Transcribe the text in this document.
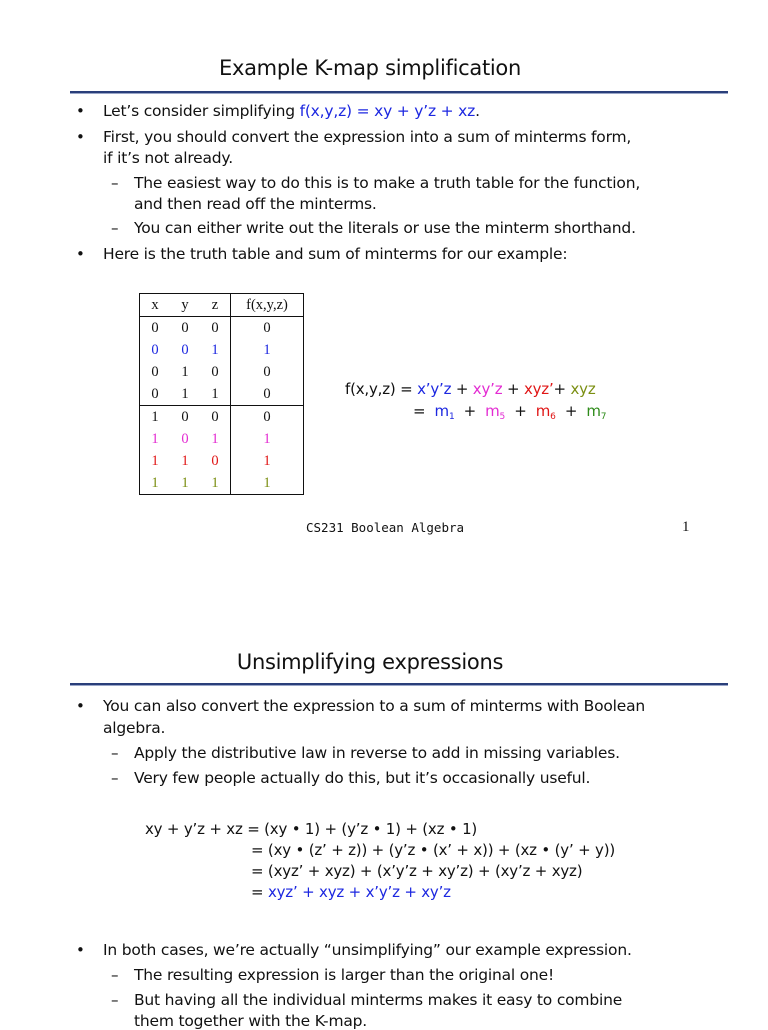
Example K-map simplification
• Let’s consider simplifying f(x,y,z) = xy + y’z + xz.
• First, you should convert the expression into a sum of minterms form,
if it’s not already.
– The easiest way to do this is to make a truth table for the function,
and then read off the minterms.
– You can either write out the literals or use the minterm shorthand.
• Here is the truth table and sum of minterms for our example:
x	y	z	f(x,y,z)
0	0	0	0
0	0	1	1
0	1	0	0
0	1	1	0
1	0	0	0
1	0	1	1
1	1	0	1
1	1	1	1
f(x,y,z) = x’y’z + xy’z + xyz’+ xyz
= $m_1 + m_5 + m_6 + m_7$
CS231 Boolean Algebra	1
Unsimplifying expressions
• You can also convert the expression to a sum of minterms with Boolean
algebra.
– Apply the distributive law in reverse to add in missing variables.
– Very few people actually do this, but it’s occasionally useful.
xy + y’z + xz = (xy • 1) + (y’z • 1) + (xz • 1)
= (xy • (z’ + z)) + (y’z • (x’ + x)) + (xz • (y’ + y))
= (xyz’ + xyz) + (x’y’z + xy’z) + (xy’z + xyz)
= xyz’ + xyz + x’y’z + xy’z
• In both cases, we’re actually “unsimplifying” our example expression.
– The resulting expression is larger than the original one!
– But having all the individual minterms makes it easy to combine
them together with the K-map.
